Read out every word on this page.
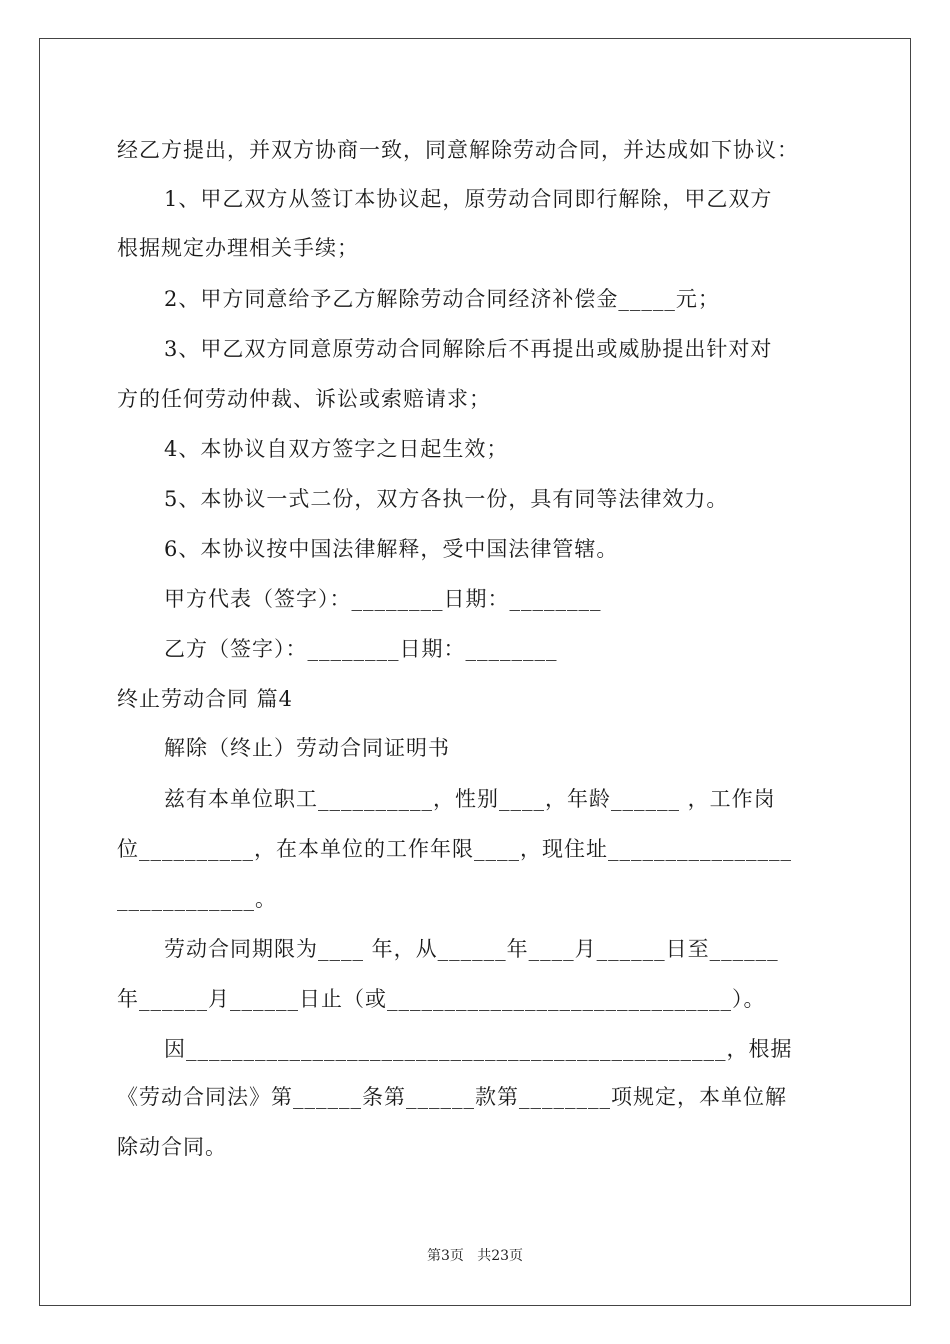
经乙方提出，并双方协商一致，同意解除劳动合同，并达成如下协议：
1、甲乙双方从签订本协议起，原劳动合同即行解除，甲乙双方
根据规定办理相关手续；
2、甲方同意给予乙方解除劳动合同经济补偿金_____元；
3、甲乙双方同意原劳动合同解除后不再提出或威胁提出针对对
方的任何劳动仲裁、诉讼或索赔请求；
4、本协议自双方签字之日起生效；
5、本协议一式二份，双方各执一份，具有同等法律效力。
6、本协议按中国法律解释，受中国法律管辖。
甲方代表（签字）：________日期：________
乙方（签字）：________日期：________
终止劳动合同 篇4
解除（终止）劳动合同证明书
兹有本单位职工__________，性别____，年龄______ ，工作岗
位__________，在本单位的工作年限____，现住址________________
____________。
劳动合同期限为____ 年，从______年____月______日至______
年______月______日止（或______________________________）。
因_______________________________________________，根据
《劳动合同法》第______条第______款第________项规定，本单位解
除动合同。
第3页   共23页
